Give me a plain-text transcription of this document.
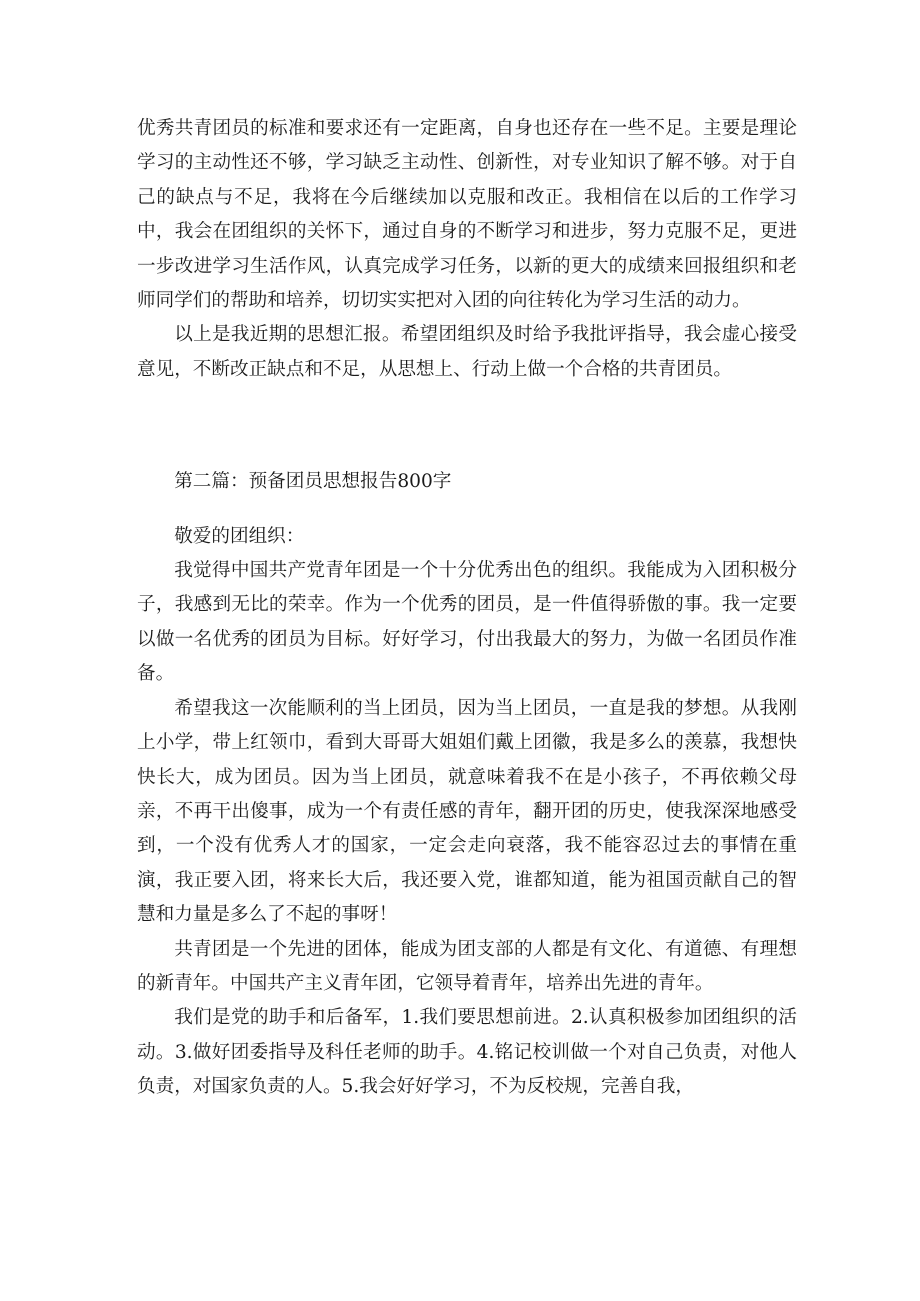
优秀共青团员的标准和要求还有一定距离，自身也还存在一些不足。主要是理论学习的主动性还不够，学习缺乏主动性、创新性，对专业知识了解不够。对于自己的缺点与不足，我将在今后继续加以克服和改正。我相信在以后的工作学习中，我会在团组织的关怀下，通过自身的不断学习和进步，努力克服不足，更进一步改进学习生活作风，认真完成学习任务，以新的更大的成绩来回报组织和老师同学们的帮助和培养，切切实实把对入团的向往转化为学习生活的动力。

以上是我近期的思想汇报。希望团组织及时给予我批评指导，我会虚心接受意见，不断改正缺点和不足，从思想上、行动上做一个合格的共青团员。

第二篇：预备团员思想报告800字

敬爱的团组织：

我觉得中国共产党青年团是一个十分优秀出色的组织。我能成为入团积极分子，我感到无比的荣幸。作为一个优秀的团员，是一件值得骄傲的事。我一定要以做一名优秀的团员为目标。好好学习，付出我最大的努力，为做一名团员作准备。

希望我这一次能顺利的当上团员，因为当上团员，一直是我的梦想。从我刚上小学，带上红领巾，看到大哥哥大姐姐们戴上团徽，我是多么的羡慕，我想快快长大，成为团员。因为当上团员，就意味着我不在是小孩子，不再依赖父母亲，不再干出傻事，成为一个有责任感的青年，翻开团的历史，使我深深地感受到，一个没有优秀人才的国家，一定会走向衰落，我不能容忍过去的事情在重演，我正要入团，将来长大后，我还要入党，谁都知道，能为祖国贡献自己的智慧和力量是多么了不起的事呀！

共青团是一个先进的团体，能成为团支部的人都是有文化、有道德、有理想的新青年。中国共产主义青年团，它领导着青年，培养出先进的青年。

我们是党的助手和后备军，1.我们要思想前进。2.认真积极参加团组织的活动。3.做好团委指导及科任老师的助手。4.铭记校训做一个对自己负责，对他人负责，对国家负责的人。5.我会好好学习，不为反校规，完善自我，
